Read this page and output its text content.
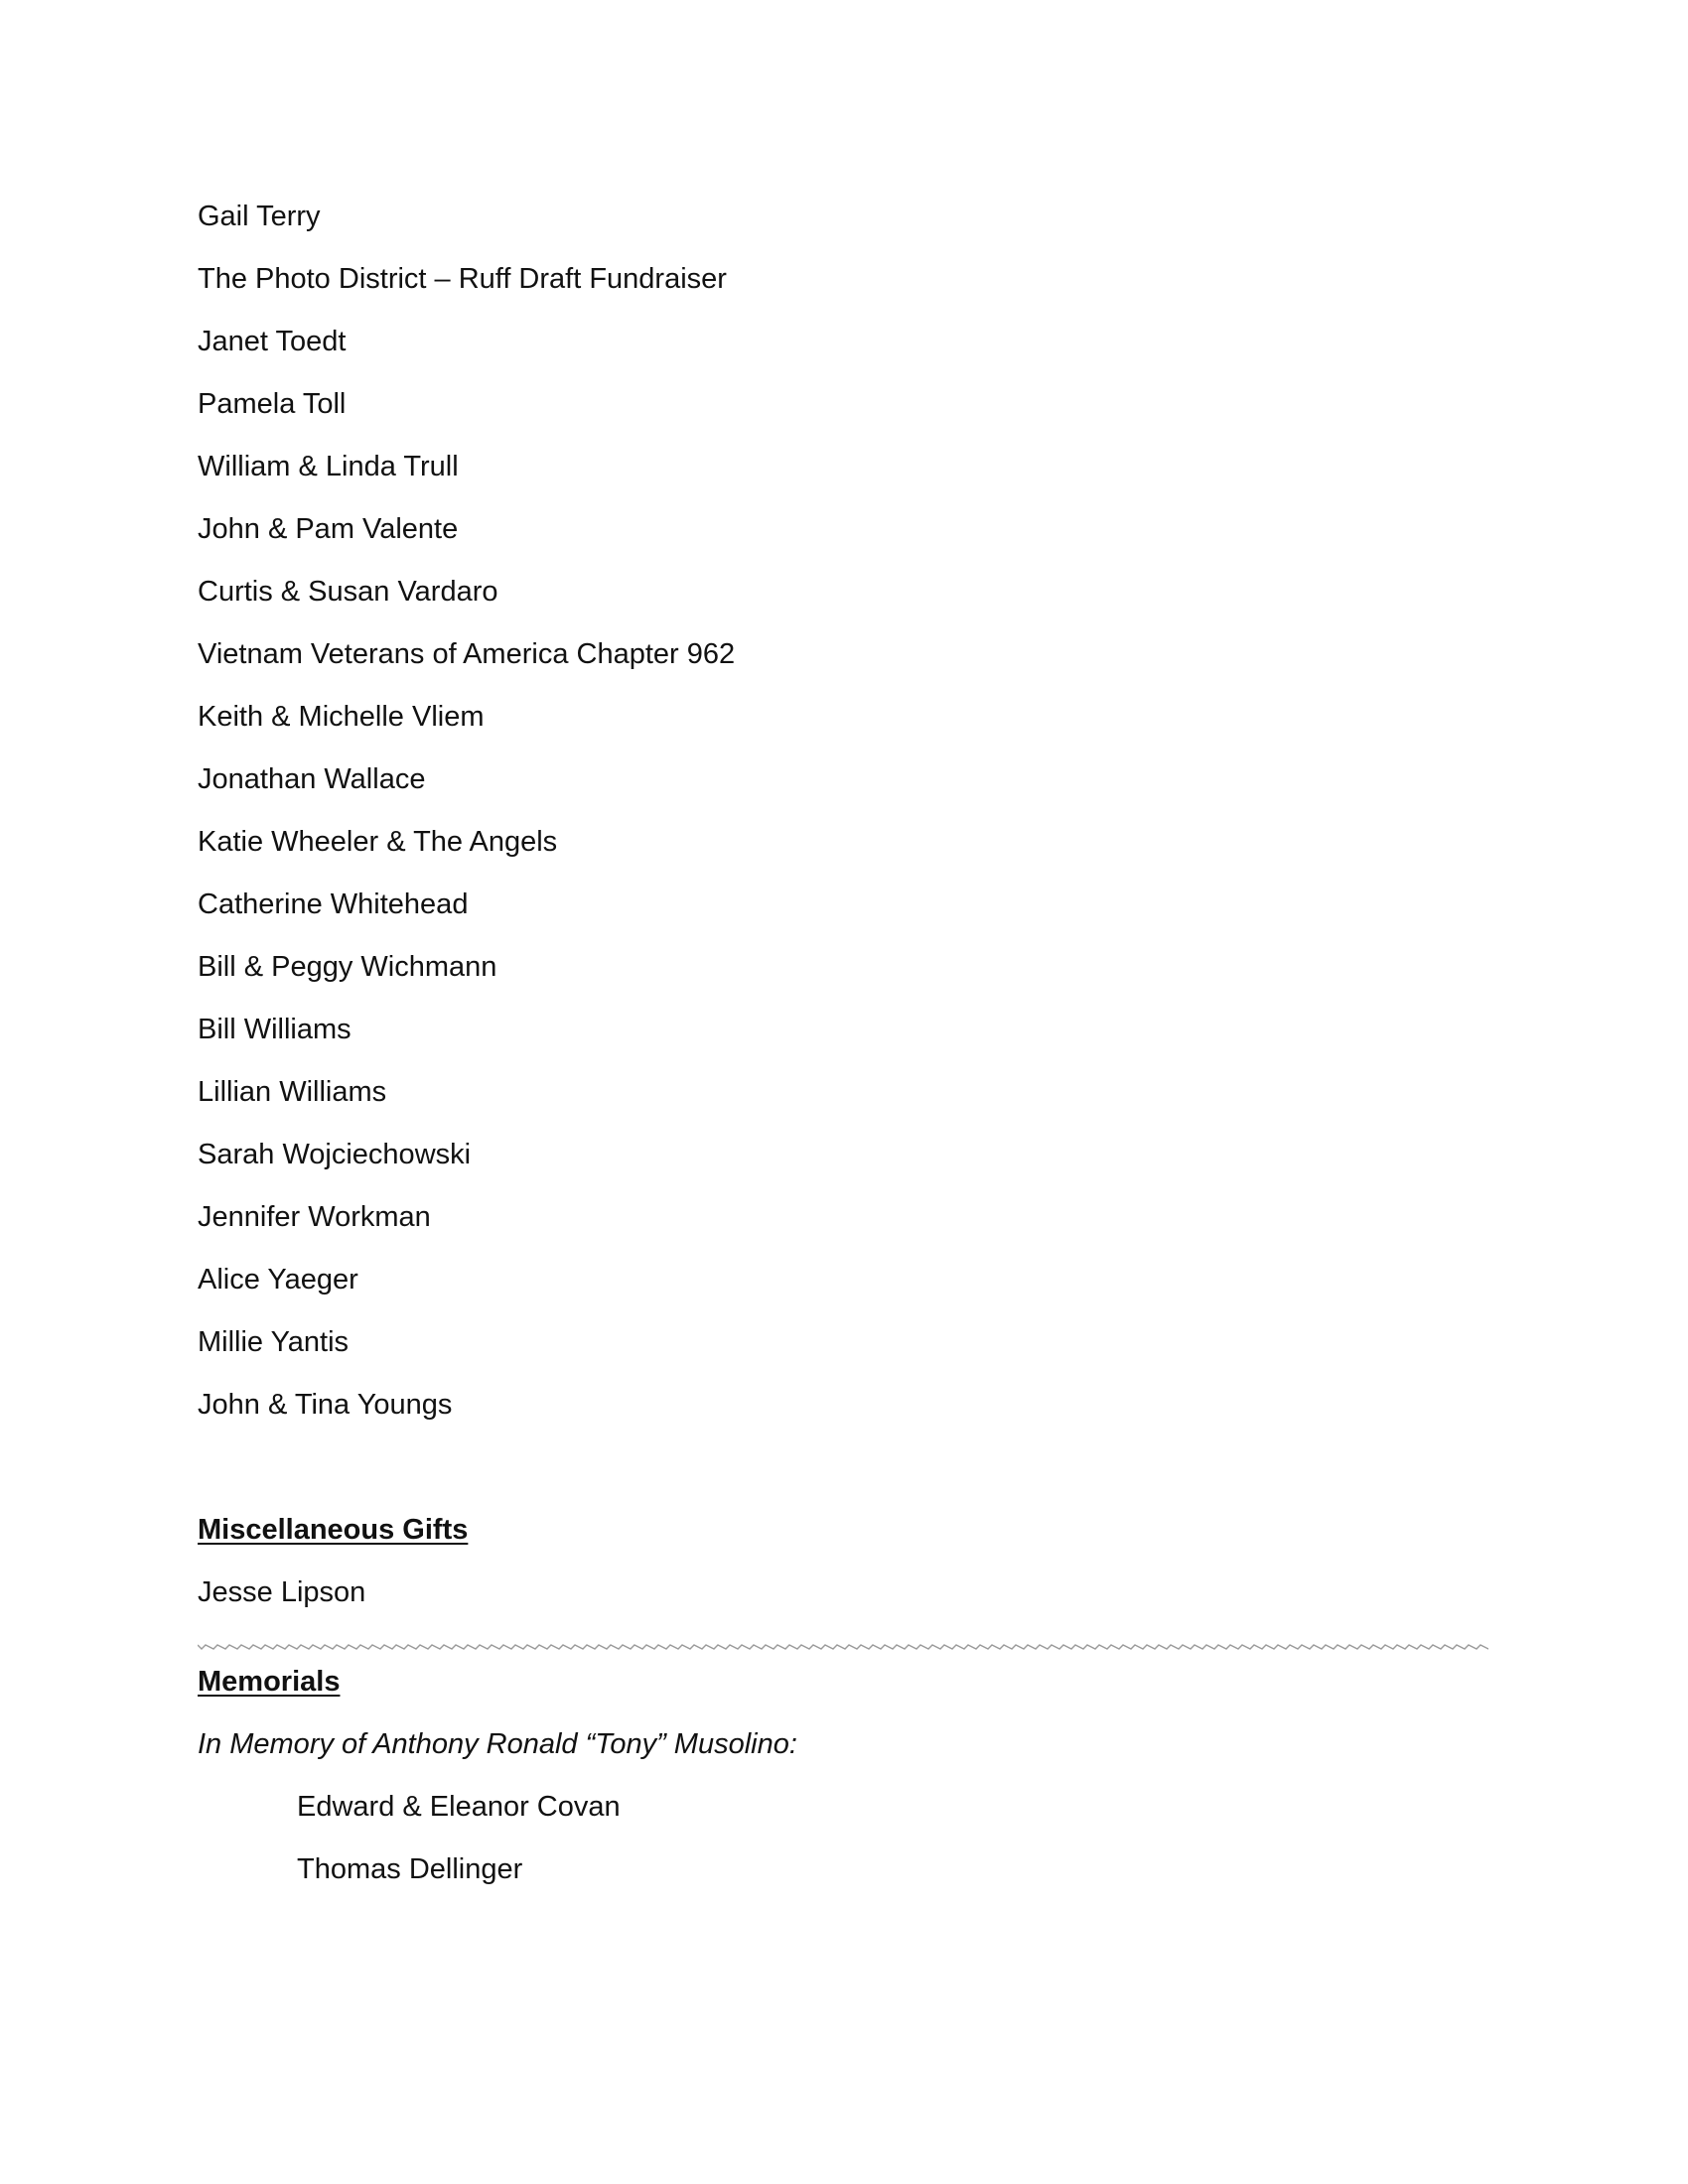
Gail Terry
The Photo District – Ruff Draft Fundraiser
Janet Toedt
Pamela Toll
William & Linda Trull
John & Pam Valente
Curtis & Susan Vardaro
Vietnam Veterans of America Chapter 962
Keith & Michelle Vliem
Jonathan Wallace
Katie Wheeler & The Angels
Catherine Whitehead
Bill & Peggy Wichmann
Bill Williams
Lillian Williams
Sarah Wojciechowski
Jennifer Workman
Alice Yaeger
Millie Yantis
John & Tina Youngs
Miscellaneous Gifts
Jesse Lipson
Memorials
In Memory of Anthony Ronald “Tony” Musolino:
Edward & Eleanor Covan
Thomas Dellinger
